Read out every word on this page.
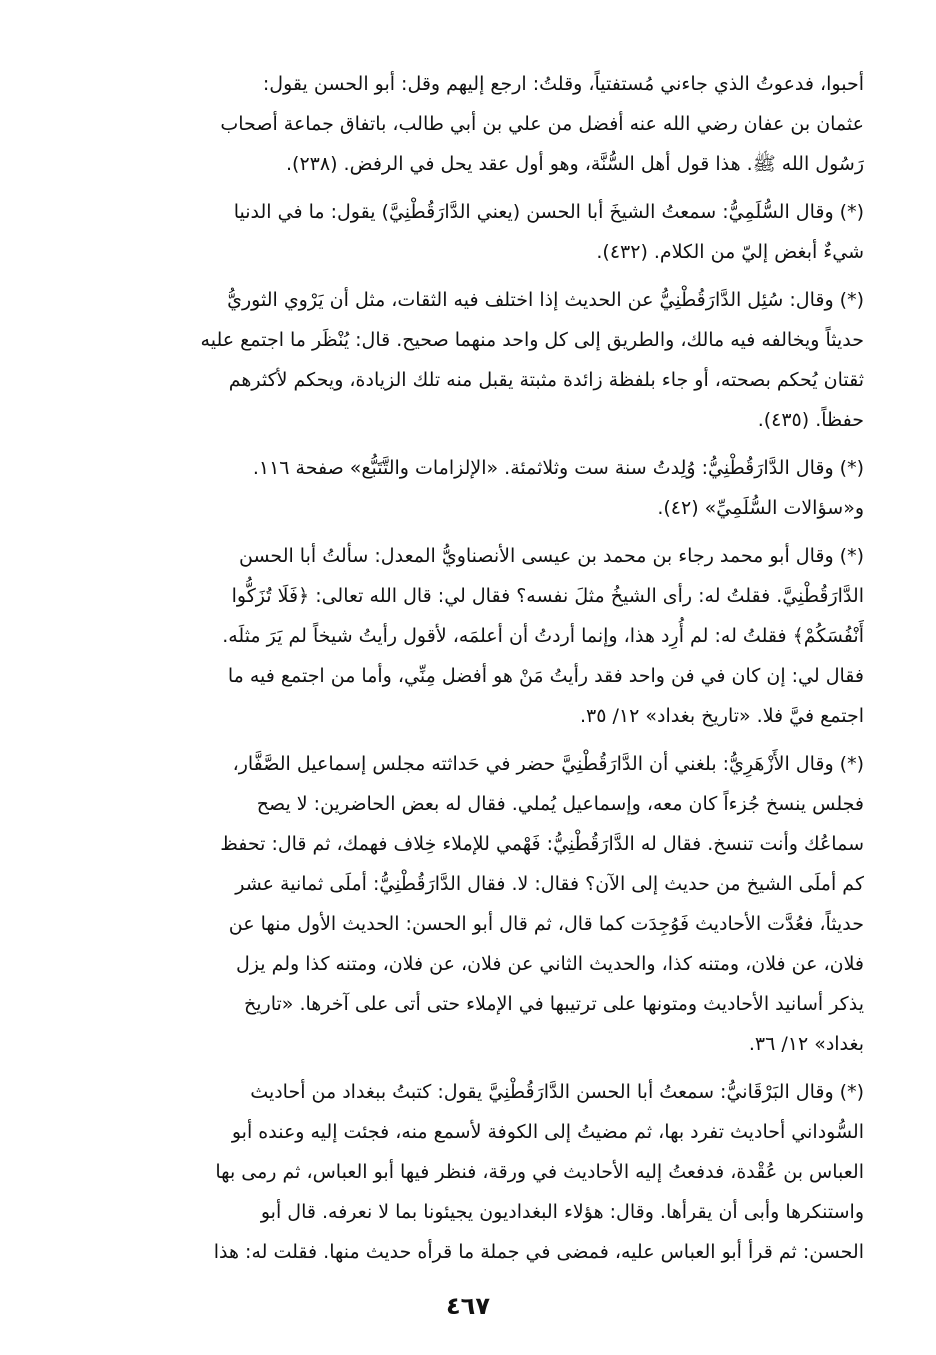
أحبوا، فدعوتُ الذي جاءني مُستفتياً، وقلتُ: ارجع إليهم وقل: أبو الحسن يقول:
عثمان بن عفان رضي الله عنه أفضل من علي بن أبي طالب، باتفاق جماعة أصحاب
رَسُول الله ﷺ. هذا قول أهل السُّنَّة، وهو أول عقد يحل في الرفض. (٢٣٨).

(*) وقال السُّلَمِيُّ: سمعتُ الشيخَ أبا الحسن (يعني الدَّارَقُطْنِيَّ) يقول: ما في الدنيا
شيءٌ أبغض إليّ من الكلام. (٤٣٢).

(*) وقال: سُئِل الدَّارَقُطْنِيُّ عن الحديث إذا اختلف فيه الثقات، مثل أن يَرْوي الثوريُّ
حديثاً ويخالفه فيه مالك، والطريق إلى كل واحد منهما صحيح. قال: يُنْظَر ما اجتمع عليه
ثقتان يُحكم بصحته، أو جاء بلفظة زائدة مثبتة يقبل منه تلك الزيادة، ويحكم لأكثرهم
حفظاً. (٤٣٥).

(*) وقال الدَّارَقُطْنِيُّ: وُلِدتُ سنة ست وثلاثمئة. «الإلزامات والتَّتَبُّع» صفحة ١١٦.
و«سؤالات السُّلَمِيِّ» (٤٢).

(*) وقال أبو محمد رجاء بن محمد بن عيسى الأنصناويُّ المعدل: سألتُ أبا الحسن
الدَّارَقُطْنِيَّ. فقلتُ له: رأى الشيخُ مثلَ نفسه؟ فقال لي: قال الله تعالى: ﴿فَلَا تُزَكُّوا
أَنْفُسَكُمْ﴾ فقلتُ له: لم أُرِد هذا، وإنما أردتُ أن أعلمَه، لأقول رأيتُ شيخاً لم يَرَ مثلَه.
فقال لي: إن كان في فن واحد فقد رأيتُ مَنْ هو أفضل مِنِّي، وأما من اجتمع فيه ما
اجتمع فيَّ فلا. «تاريخ بغداد» ١٢/ ٣٥.

(*) وقال الأَزْهَرِيُّ: بلغني أن الدَّارَقُطْنِيَّ حضر في حَداثته مجلس إسماعيل الصَّفَّار،
فجلس ينسخ جُزءاً كان معه، وإسماعيل يُملي. فقال له بعض الحاضرين: لا يصح
سماعُك وأنت تنسخ. فقال له الدَّارَقُطْنِيُّ: فَهْمي للإملاء خِلاف فهمك، ثم قال: تحفظ
كم أملَى الشيخ من حديث إلى الآن؟ فقال: لا. فقال الدَّارَقُطْنِيُّ: أملَى ثمانية عشر
حديثاً، فعُدَّت الأحاديث فَوُجِدَت كما قال، ثم قال أبو الحسن: الحديث الأول منها عن
فلان، عن فلان، ومتنه كذا، والحديث الثاني عن فلان، عن فلان، ومتنه كذا ولم يزل
يذكر أسانيد الأحاديث ومتونها على ترتيبها في الإملاء حتى أتى على آخرها. «تاريخ
بغداد» ١٢/ ٣٦.

(*) وقال البَرْقَانيُّ: سمعتُ أبا الحسن الدَّارَقُطْنِيَّ يقول: كتبتُ ببغداد من أحاديث
السُّوداني أحاديث تفرد بها، ثم مضيتُ إلى الكوفة لأسمع منه، فجئت إليه وعنده أبو
العباس بن عُقْدة، فدفعتُ إليه الأحاديث في ورقة، فنظر فيها أبو العباس، ثم رمى بها
واستنكرها وأبى أن يقرأها. وقال: هؤلاء البغداديون يجيئونا بما لا نعرفه. قال أبو
الحسن: ثم قرأ أبو العباس عليه، فمضى في جملة ما قرأه حديث منها. فقلت له: هذا

٤٦٧
